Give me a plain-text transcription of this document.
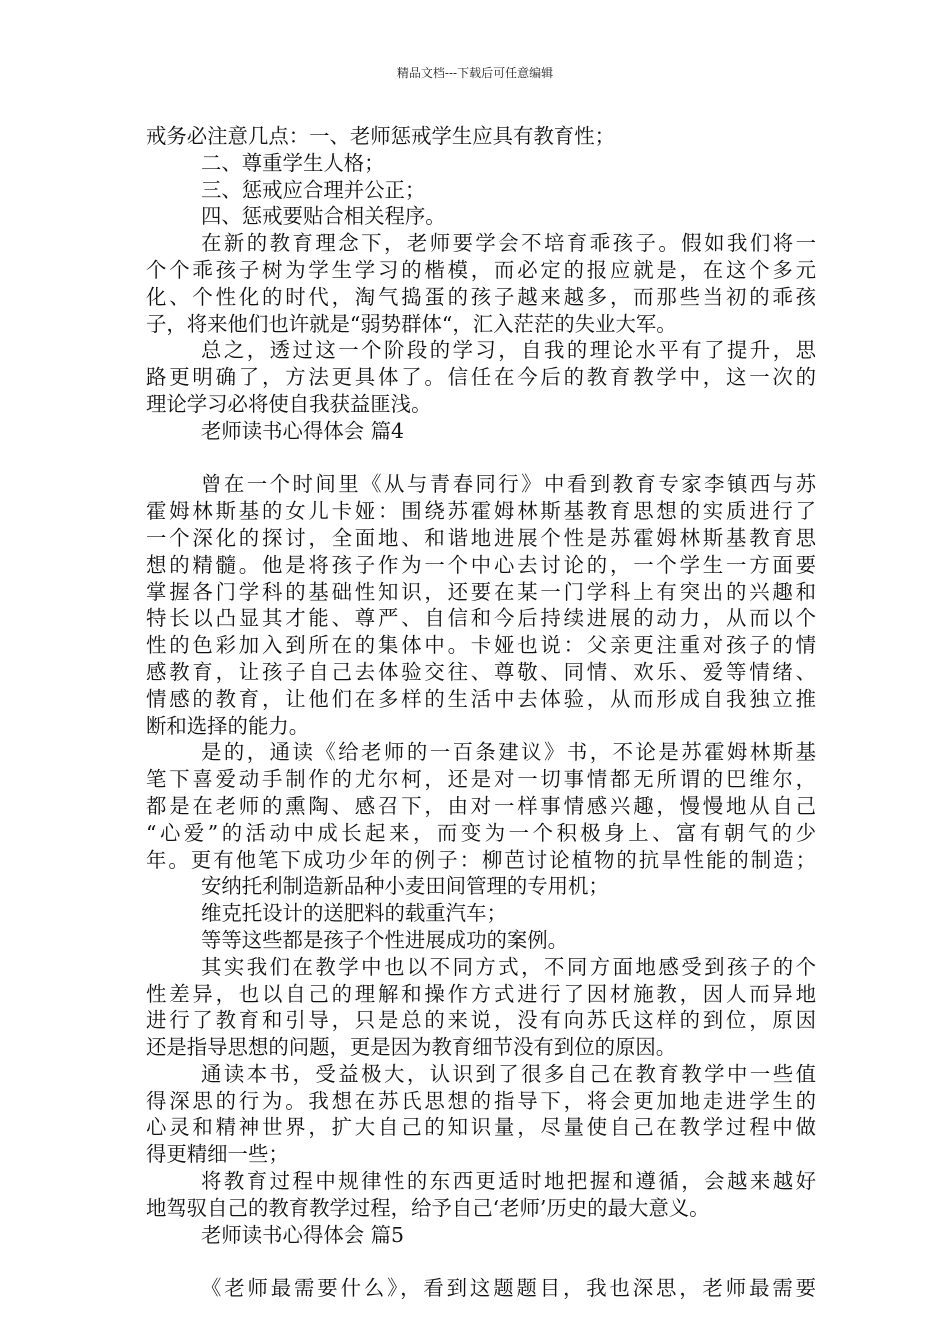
精品文档---下载后可任意编辑
戒务必注意几点：一、老师惩戒学生应具有教育性；
二、尊重学生人格；
三、惩戒应合理并公正；
四、惩戒要贴合相关程序。
在新的教育理念下，老师要学会不培育乖孩子。假如我们将一
个个乖孩子树为学生学习的楷模，而必定的报应就是，在这个多元
化、个性化的时代，淘气捣蛋的孩子越来越多，而那些当初的乖孩
子，将来他们也许就是“弱势群体“，汇入茫茫的失业大军。
总之，透过这一个阶段的学习，自我的理论水平有了提升，思
路更明确了，方法更具体了。信任在今后的教育教学中，这一次的
理论学习必将使自我获益匪浅。
老师读书心得体会 篇4
曾在一个时间里《从与青春同行》中看到教育专家李镇西与苏
霍姆林斯基的女儿卡娅：围绕苏霍姆林斯基教育思想的实质进行了
一个深化的探讨，全面地、和谐地进展个性是苏霍姆林斯基教育思
想的精髓。他是将孩子作为一个中心去讨论的，一个学生一方面要
掌握各门学科的基础性知识，还要在某一门学科上有突出的兴趣和
特长以凸显其才能、尊严、自信和今后持续进展的动力，从而以个
性的色彩加入到所在的集体中。卡娅也说：父亲更注重对孩子的情
感教育，让孩子自己去体验交往、尊敬、同情、欢乐、爱等情绪、
情感的教育，让他们在多样的生活中去体验，从而形成自我独立推
断和选择的能力。
是的，通读《给老师的一百条建议》书，不论是苏霍姆林斯基
笔下喜爱动手制作的尤尔柯，还是对一切事情都无所谓的巴维尔，
都是在老师的熏陶、感召下，由对一样事情感兴趣，慢慢地从自己
“心爱”的活动中成长起来，而变为一个积极身上、富有朝气的少
年。更有他笔下成功少年的例子：柳芭讨论植物的抗旱性能的制造；
安纳托利制造新品种小麦田间管理的专用机；
维克托设计的送肥料的载重汽车；
等等这些都是孩子个性进展成功的案例。
其实我们在教学中也以不同方式，不同方面地感受到孩子的个
性差异，也以自己的理解和操作方式进行了因材施教，因人而异地
进行了教育和引导，只是总的来说，没有向苏氏这样的到位，原因
还是指导思想的问题，更是因为教育细节没有到位的原因。
通读本书，受益极大，认识到了很多自己在教育教学中一些值
得深思的行为。我想在苏氏思想的指导下，将会更加地走进学生的
心灵和精神世界，扩大自己的知识量，尽量使自己在教学过程中做
得更精细一些；
将教育过程中规律性的东西更适时地把握和遵循，会越来越好
地驾驭自己的教育教学过程，给予自己‘老师’历史的最大意义。
老师读书心得体会 篇5
《老师最需要什么》，看到这题题目，我也深思，老师最需要
